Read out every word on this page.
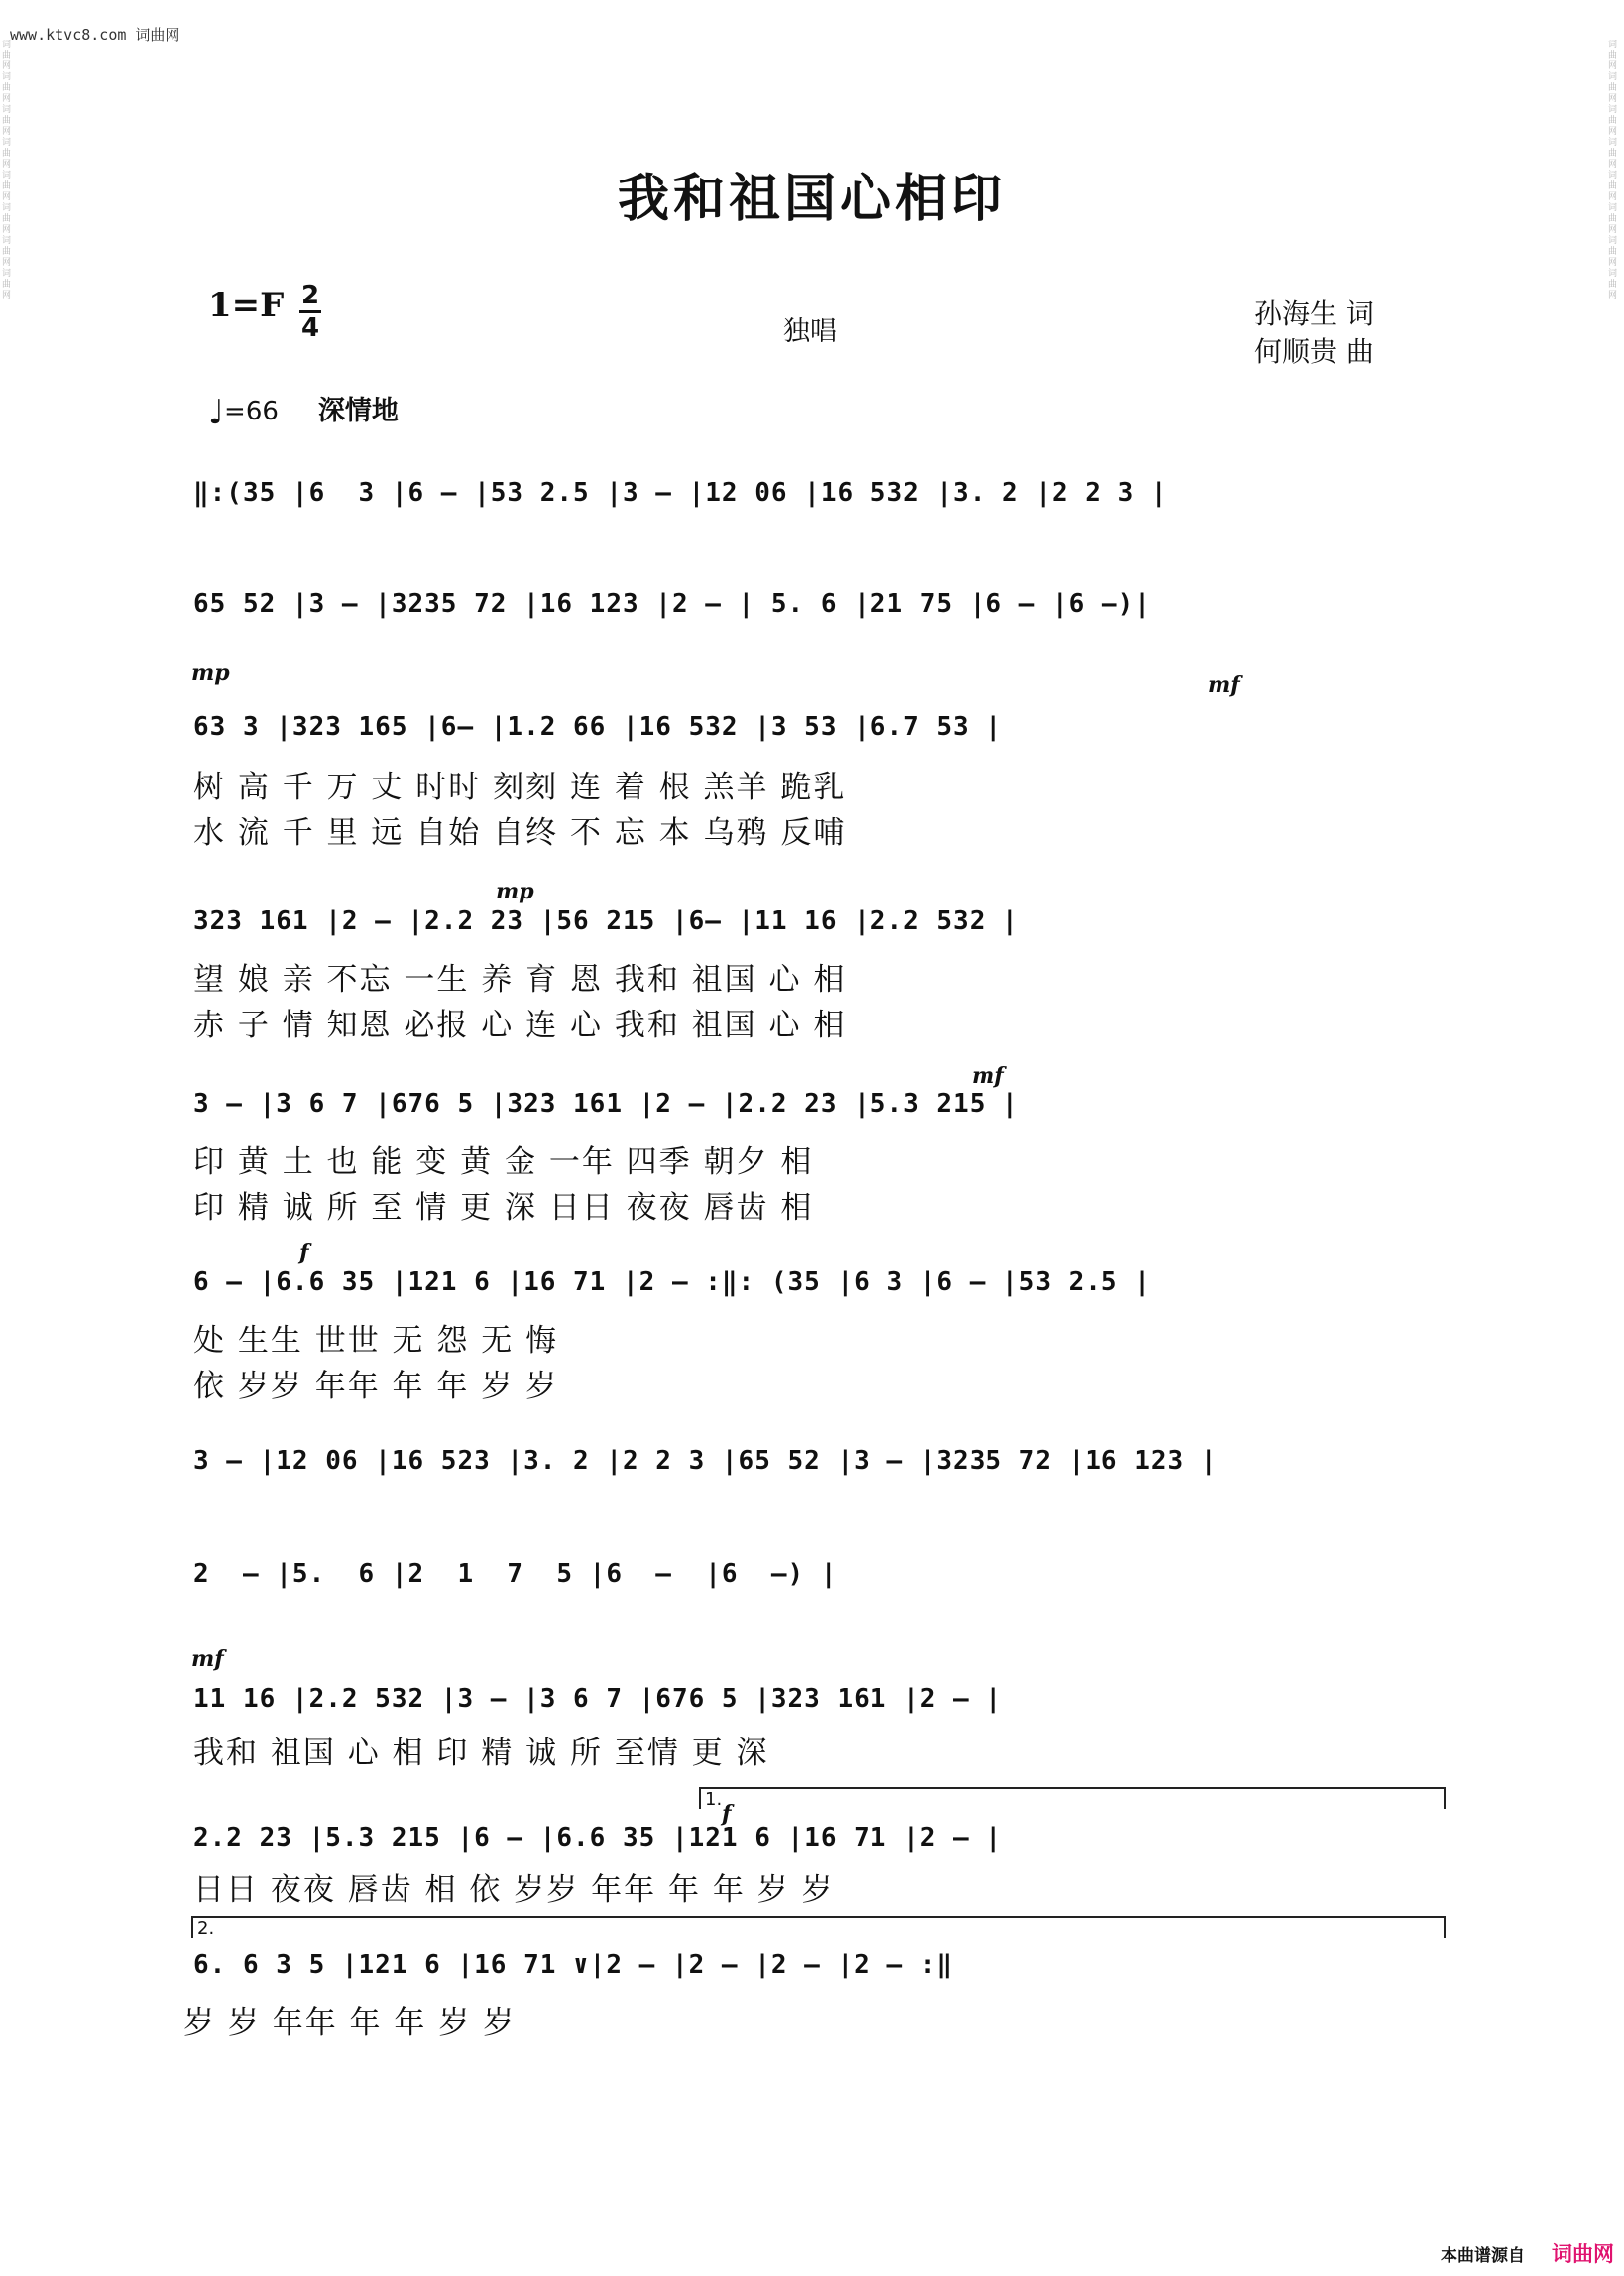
www.ktvc8.com 词曲网
词曲网
词曲网
词曲网
词曲网
词曲网
词曲网
词曲网
词曲网
词曲网
词曲网
词曲网
词曲网
词曲网
词曲网
词曲网
词曲网
我和祖国心相印
1=F 2
4	独唱
孙海生 词
何顺贵 曲
♩=66 深情地
‖:(35 |6  3 |6 – |53 2.5 |3 – |12 06 |16 532 |3. 2 |2 2 3 |
65 52 |3 – |3235 72 |16 123 |2 – | 5. 6 |21 75 |6 – |6 –)|
mp	mf
63 3 |323 165 |6– |1.2 66 |16 532 |3 53 |6.7 53 |
树 高 千 万 丈 时时 刻刻 连 着 根 羔羊 跪乳
水 流 千 里 远 自始 自终 不 忘 本 乌鸦 反哺
mp
323 161 |2 – |2.2 23 |56 215 |6– |11 16 |2.2 532 |
望 娘 亲 不忘 一生 养 育 恩 我和 祖国 心 相
赤 子 情 知恩 必报 心 连 心 我和 祖国 心 相
mf
3 – |3 6 7 |676 5 |323 161 |2 – |2.2 23 |5.3 215 |
印 黄 土 也 能 变 黄 金 一年 四季 朝夕 相
印 精 诚 所 至 情 更 深 日日 夜夜 唇齿 相
f
6 – |6.6 35 |121 6 |16 71 |2 – :‖: (35 |6 3 |6 – |53 2.5 |
处 生生 世世 无 怨 无 悔
依 岁岁 年年 年 年 岁 岁
3 – |12 06 |16 523 |3. 2 |2 2 3 |65 52 |3 – |3235 72 |16 123 |
2  – |5.  6 |2  1  7  5 |6  –  |6  –) |
mf
11 16 |2.2 532 |3 – |3 6 7 |676 5 |323 161 |2 – |
我和 祖国 心 相 印 精 诚 所 至情 更 深
1.
f
2.2 23 |5.3 215 |6 – |6.6 35 |121 6 |16 71 |2 – |
日日 夜夜 唇齿 相 依 岁岁 年年 年 年 岁 岁
2.
6. 6 3 5 |121 6 |16 71 ∨|2 – |2 – |2 – |2 – :‖
岁 岁 年年 年 年 岁 岁
本曲谱源自 词曲网
